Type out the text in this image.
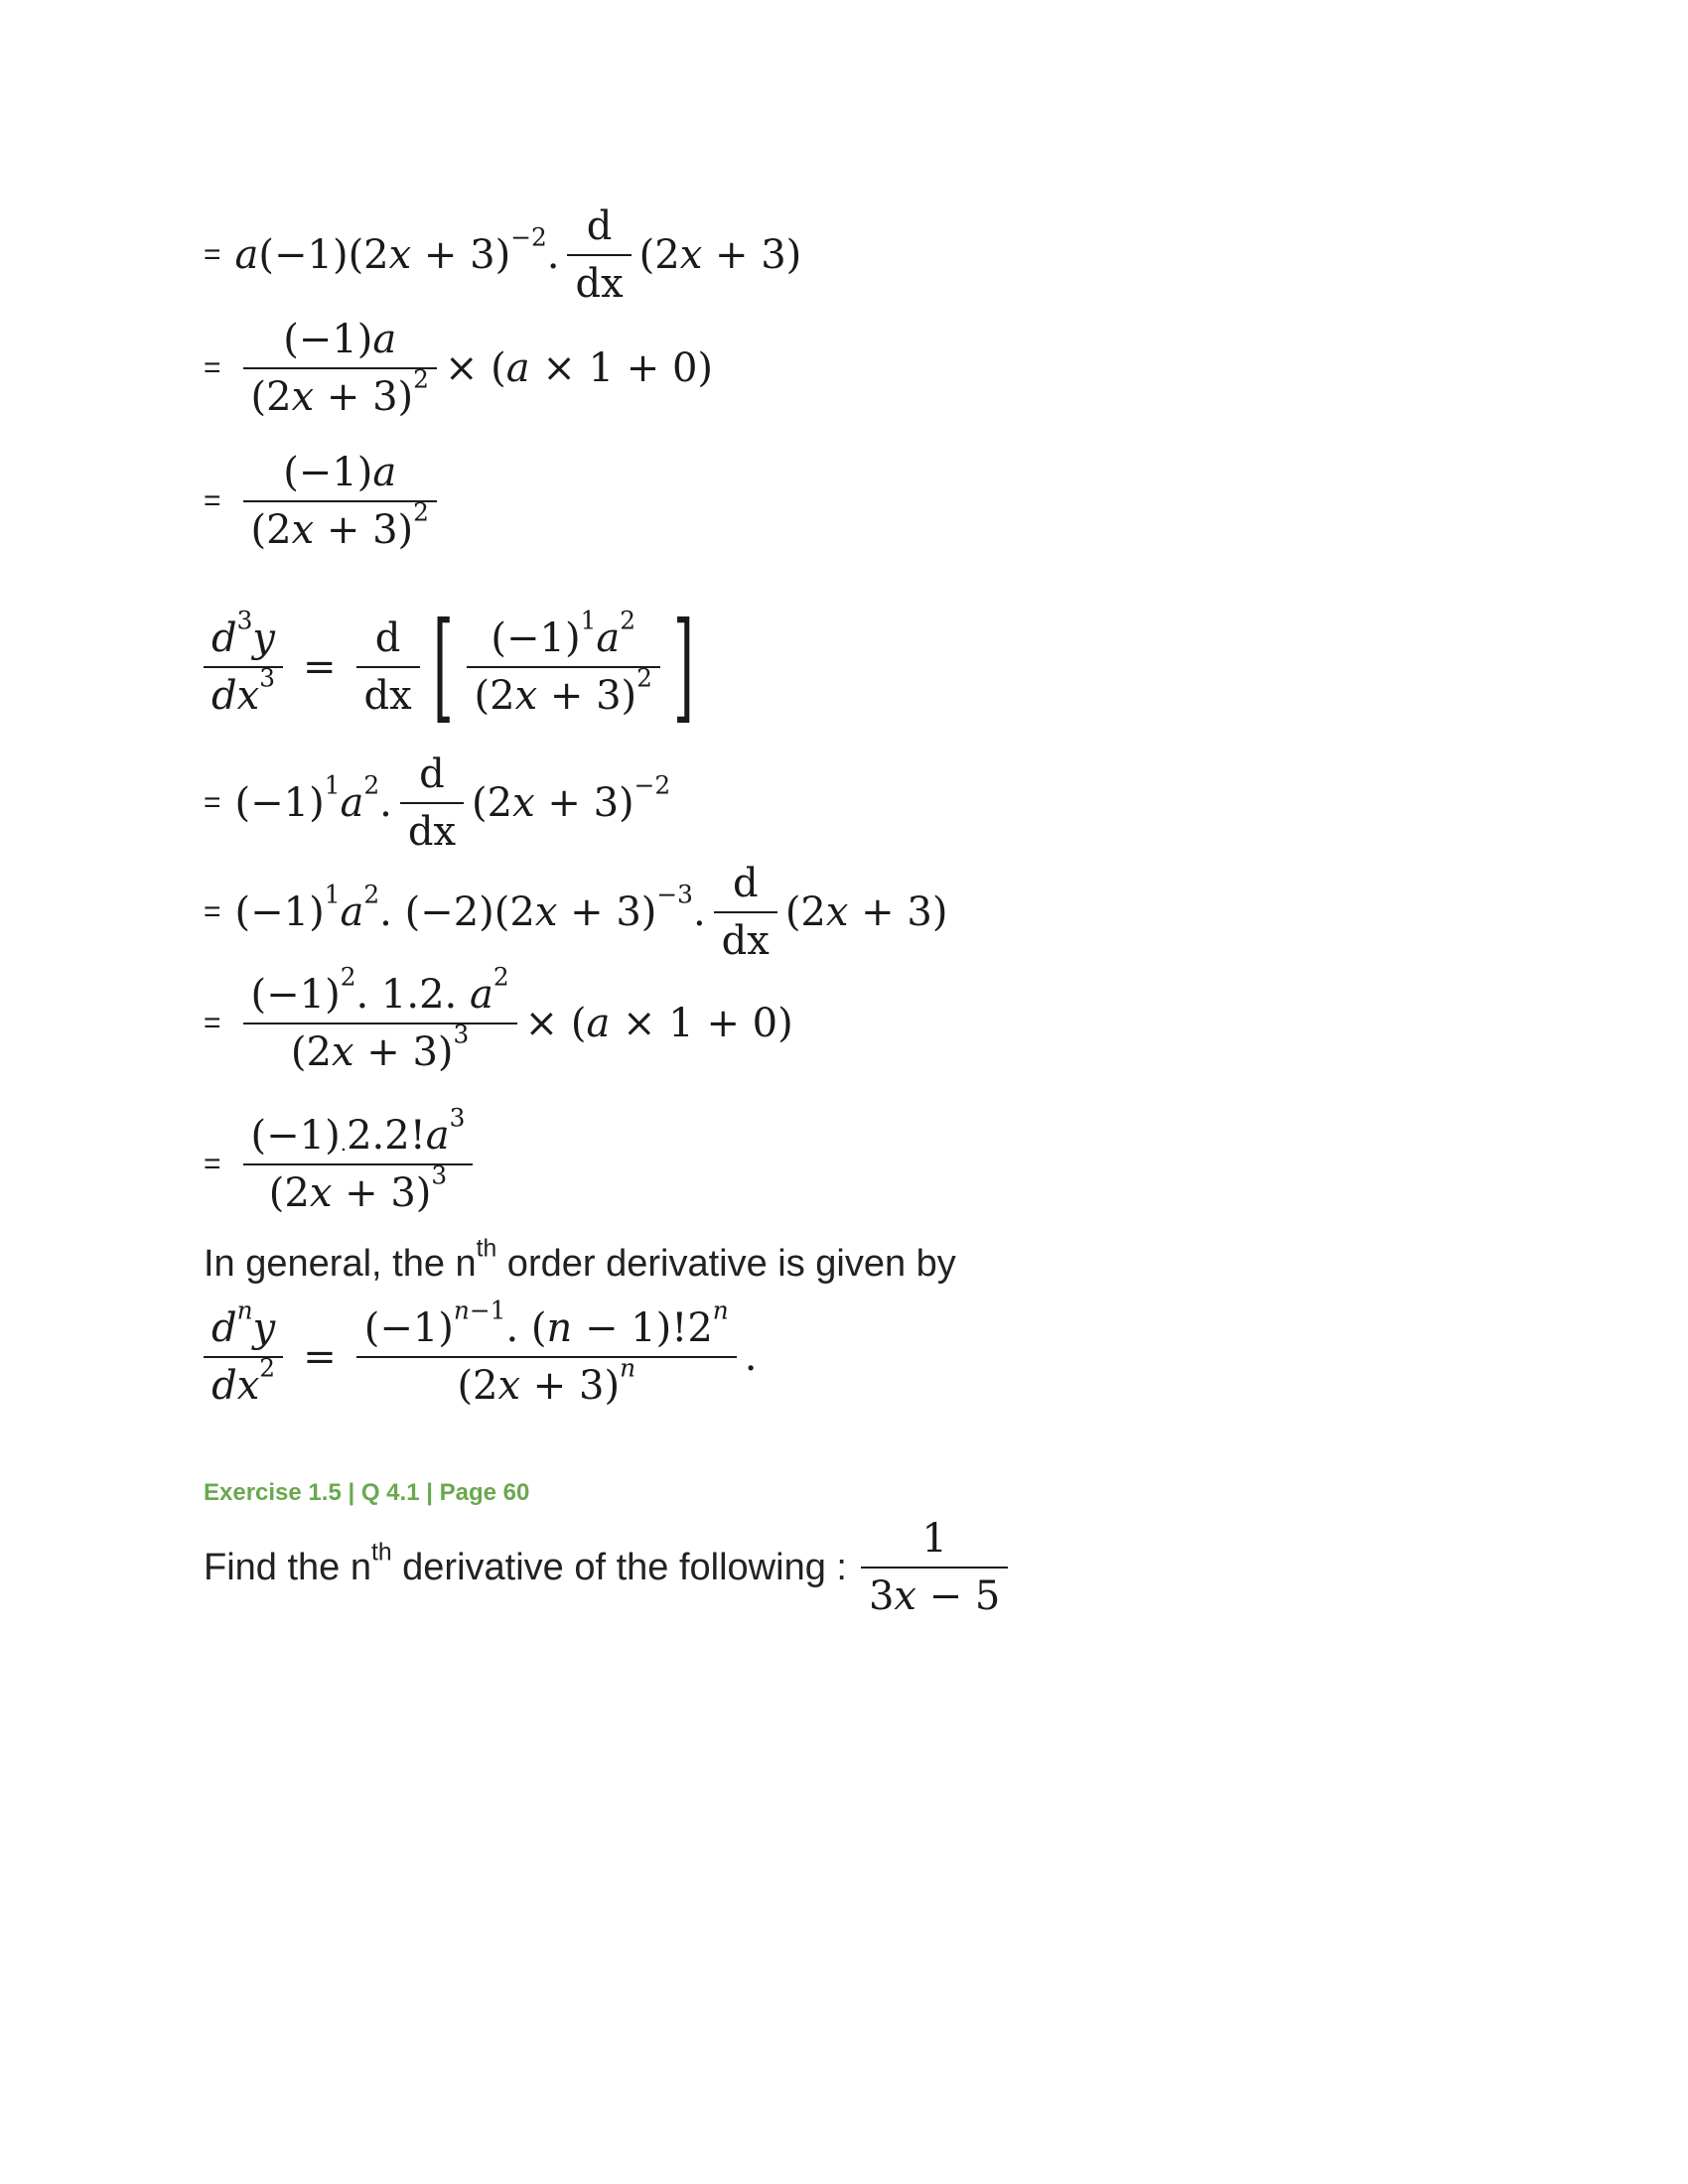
= $a(-1)(2x + 3)^{-2}$. $\frac{d}{dx} (2x + 3)$
= $\frac{(-1)a}{(2x + 3)^2} \times (a \times 1 + 0)$
= $\frac{(-1)a}{(2x + 3)^2}$
$\frac{d^3y}{dx^3} = \frac{d}{dx}$ [ $\frac{(-1)^1a^2}{(2x + 3)^2}$ ]
= $(-1)^1a^2$. $\frac{d}{dx} (2x + 3)^{-2}$
= $(-1)^1a^2$. $(-2)(2x + 3)^{-3}$. $\frac{d}{dx} (2x + 3)$
= $\frac{(-1)^2. 1.2. a^2}{(2x + 3)^3} \times (a \times 1 + 0)$
= $\frac{(-1).2.2!a^3}{(2x + 3)^3}$
In general, the $n^{th}$ order derivative is given by
$\frac{d^ny}{dx^2} = \frac{(-1)^{n-1}. (n - 1)!2^n}{(2x + 3)^n}$ .
Exercise 1.5 | Q 4.1 | Page 60
Find the $n^{th}$ derivative of the following : $\frac{1}{3x - 5}$
